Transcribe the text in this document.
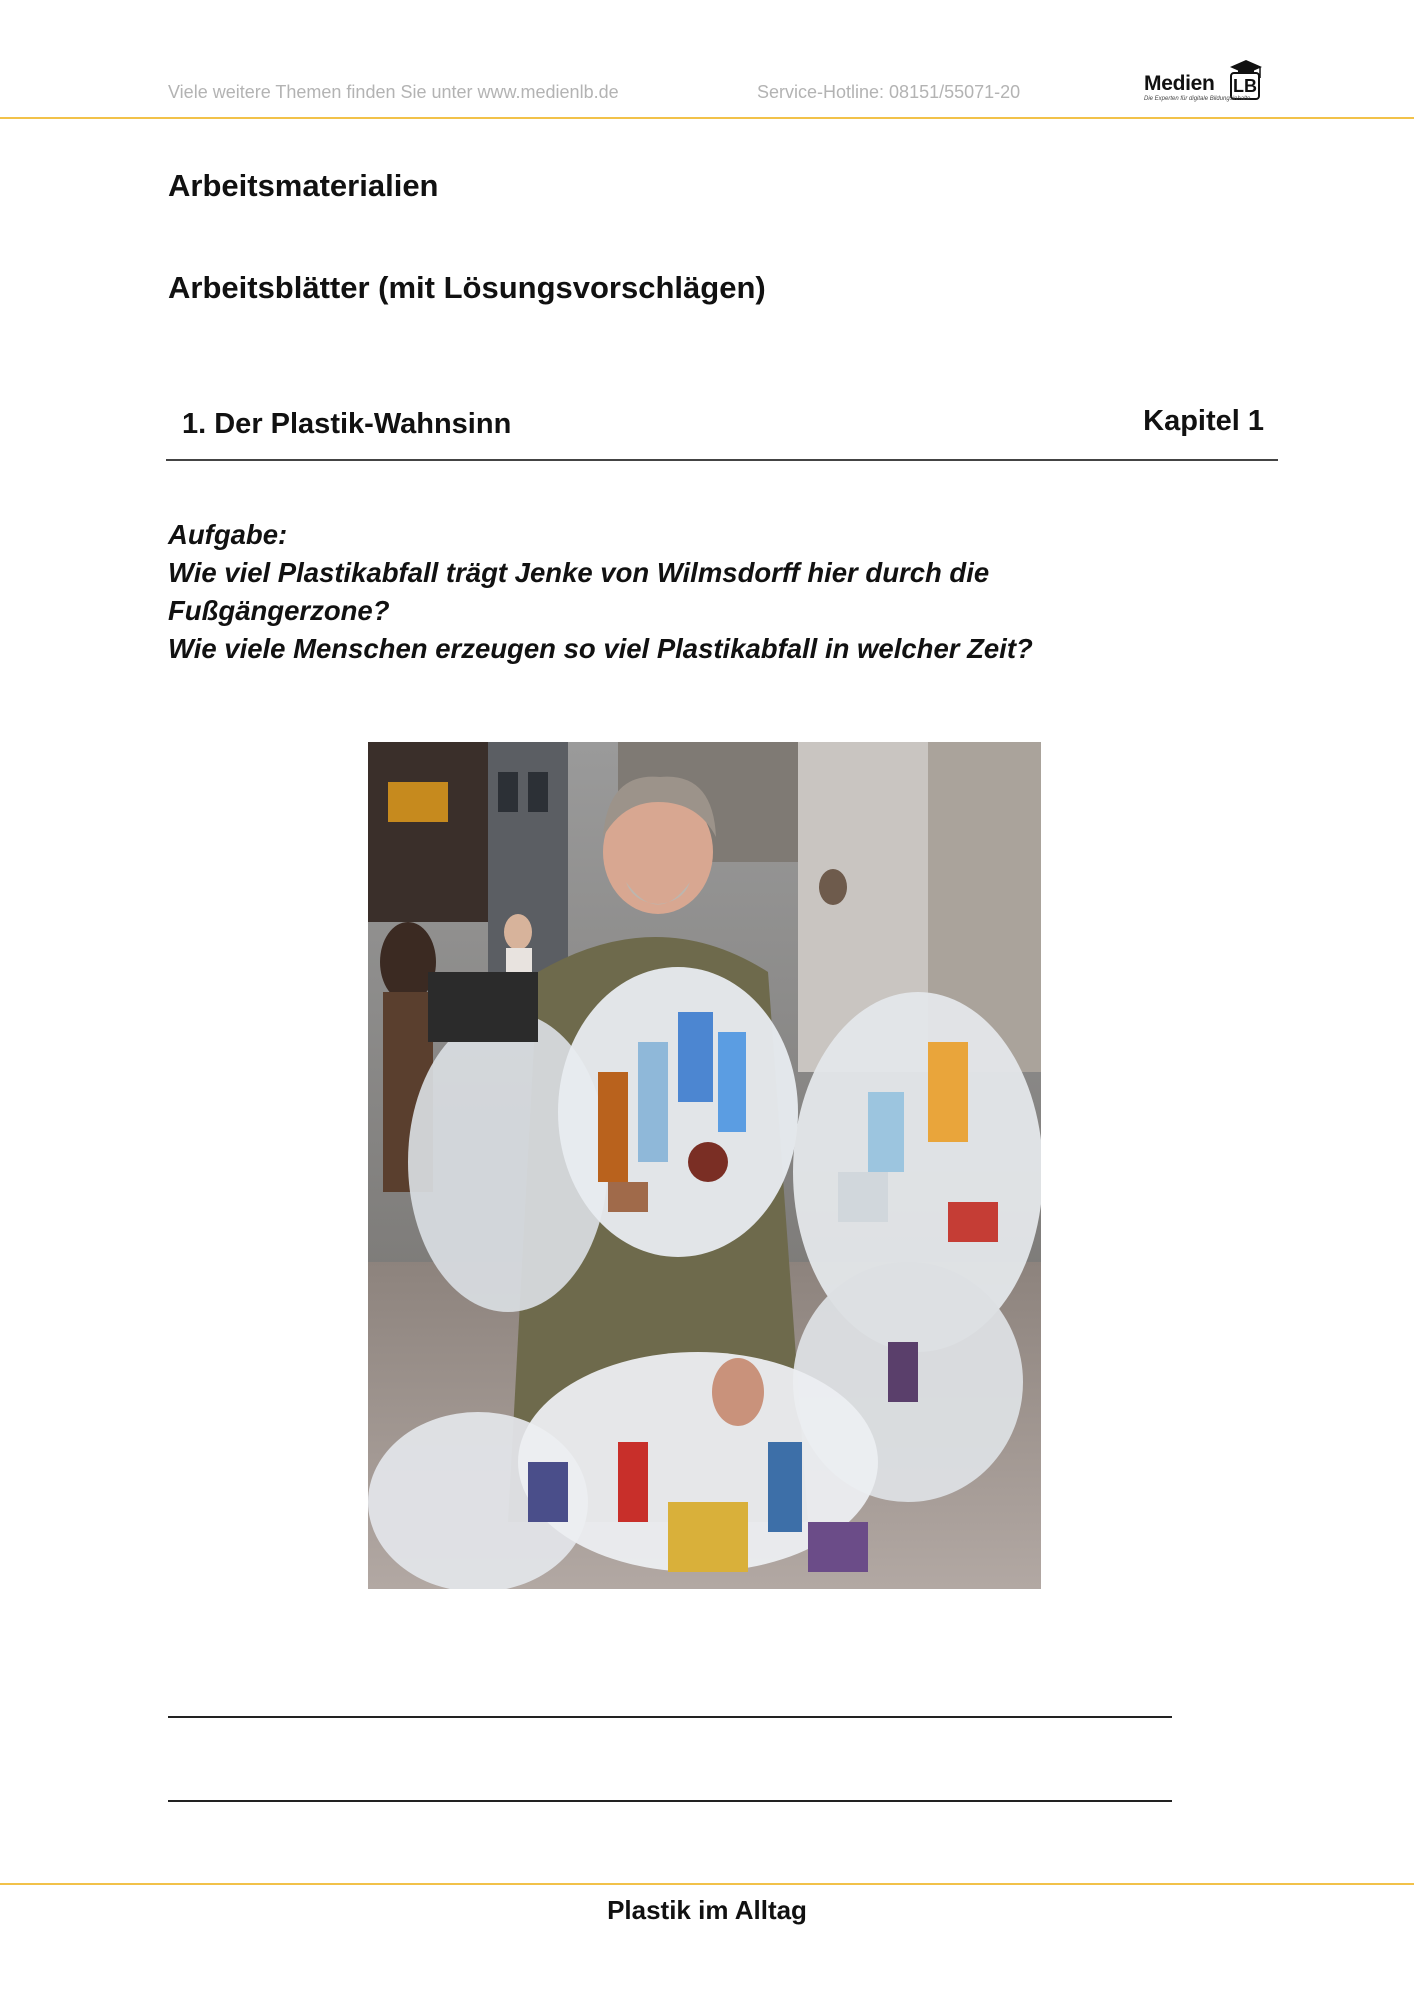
Viele weitere Themen finden Sie unter www.medienlb.de	Service-Hotline: 08151/55071-20	Medien LB
Die Experten für digitale Bildungsinhalte
Arbeitsmaterialien
Arbeitsblätter (mit Lösungsvorschlägen)
1. Der Plastik-Wahnsinn	Kapitel 1
Aufgabe:
Wie viel Plastikabfall trägt Jenke von Wilmsdorff hier durch die
Fußgängerzone?
Wie viele Menschen erzeugen so viel Plastikabfall in welcher Zeit?
Plastik im Alltag
